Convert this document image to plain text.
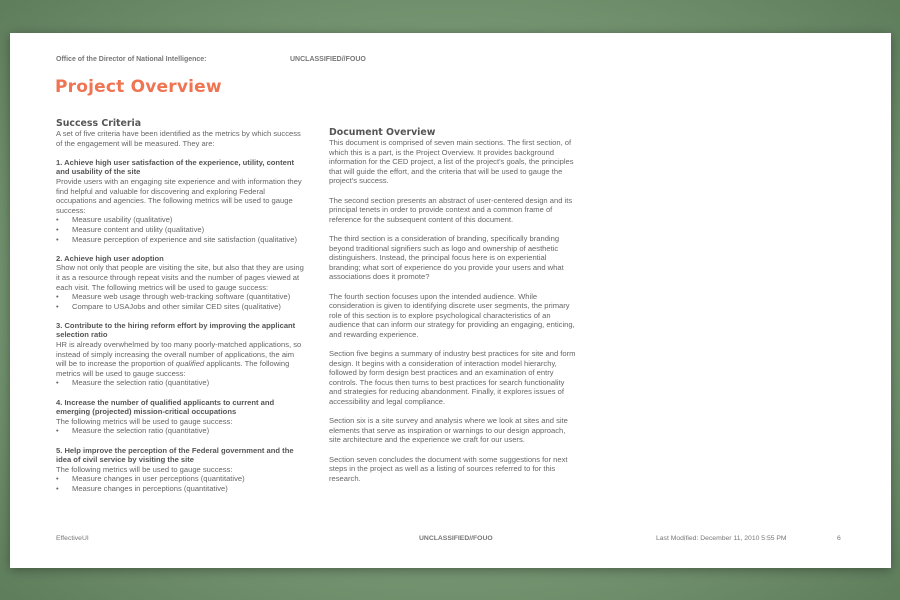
Office of the Director of National Intelligence:	UNCLASSIFIED//FOUO
Project Overview

Success Criteria

A set of five criteria have been identified as the metrics by which success of the engagement will be measured. They are:

1. Achieve high user satisfaction of the experience, utility, content and usability of the site

Provide users with an engaging site experience and with information they find helpful and valuable for discovering and exploring Federal occupations and agencies. The following metrics will be used to gauge success:

• Measure usability (qualitative)
• Measure content and utility (qualitative)
• Measure perception of experience and site satisfaction (qualitative)

2. Achieve high user adoption

Show not only that people are visiting the site, but also that they are using it as a resource through repeat visits and the number of pages viewed at each visit. The following metrics will be used to gauge success:

• Measure web usage through web-tracking software (quantitative)
• Compare to USAJobs and other similar CED sites (qualitative)

3. Contribute to the hiring reform effort by improving the applicant selection ratio

HR is already overwhelmed by too many poorly-matched applications, so instead of simply increasing the overall number of applications, the aim will be to increase the proportion of qualified applicants. The following metrics will be used to gauge success:

• Measure the selection ratio (quantitative)

4. Increase the number of qualified applicants to current and emerging (projected) mission-critical occupations

The following metrics will be used to gauge success:

• Measure the selection ratio (quantitative)

5. Help improve the perception of the Federal government and the idea of civil service by visiting the site

The following metrics will be used to gauge success:

• Measure changes in user perceptions (quantitative)
• Measure changes in perceptions (quantitative)

Document Overview

This document is comprised of seven main sections. The first section, of which this is a part, is the Project Overview. It provides background information for the CED project, a list of the project's goals, the principles that will guide the effort, and the criteria that will be used to gauge the project's success.

The second section presents an abstract of user-centered design and its principal tenets in order to provide context and a common frame of reference for the subsequent content of this document.

The third section is a consideration of branding, specifically branding beyond traditional signifiers such as logo and ownership of aesthetic distinguishers. Instead, the principal focus here is on experiential branding; what sort of experience do you provide your users and what associations does it promote?

The fourth section focuses upon the intended audience. While consideration is given to identifying discrete user segments, the primary role of this section is to explore psychological characteristics of an audience that can inform our strategy for providing an engaging, enticing, and rewarding experience.

Section five begins a summary of industry best practices for site and form design. It begins with a consideration of interaction model hierarchy, followed by form design best practices and an examination of entry controls. The focus then turns to best practices for search functionality and strategies for reducing abandonment. Finally, it explores issues of accessibility and legal compliance.

Section six is a site survey and analysis where we look at sites and site elements that serve as inspiration or warnings to our design approach, site architecture and the experience we craft for our users.

Section seven concludes the document with some suggestions for next steps in the project as well as a listing of sources referred to for this research.

EffectiveUI	UNCLASSIFIED//FOUO	Last Modified: December 11, 2010 5:55 PM	6
